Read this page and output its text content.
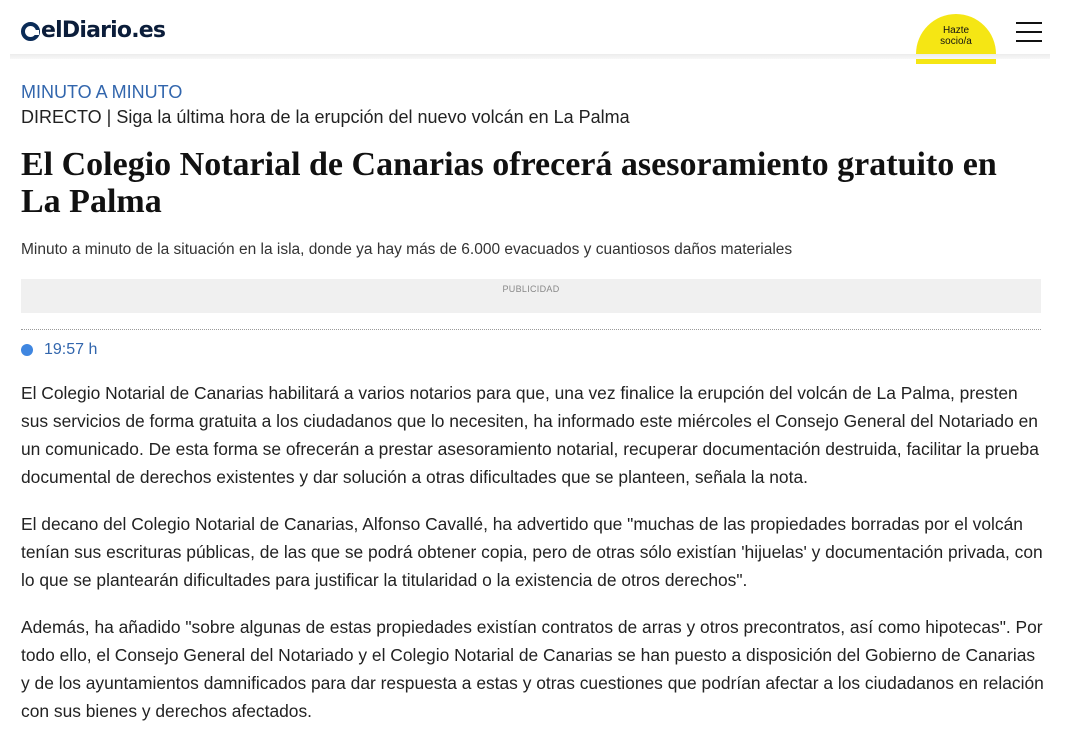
elDiario.es	Hazte
socio/a
MINUTO A MINUTO
DIRECTO | Siga la última hora de la erupción del nuevo volcán en La Palma
El Colegio Notarial de Canarias ofrecerá asesoramiento gratuito en La Palma

Minuto a minuto de la situación en la isla, donde ya hay más de 6.000 evacuados y cuantiosos daños materiales

PUBLICIDAD
19:57 h

El Colegio Notarial de Canarias habilitará a varios notarios para que, una vez finalice la erupción del volcán de La Palma, presten sus servicios de forma gratuita a los ciudadanos que lo necesiten, ha informado este miércoles el Consejo General del Notariado en un comunicado. De esta forma se ofrecerán a prestar asesoramiento notarial, recuperar documentación destruida, facilitar la prueba documental de derechos existentes y dar solución a otras dificultades que se planteen, señala la nota.

El decano del Colegio Notarial de Canarias, Alfonso Cavallé, ha advertido que "muchas de las propiedades borradas por el volcán tenían sus escrituras públicas, de las que se podrá obtener copia, pero de otras sólo existían 'hijuelas' y documentación privada, con lo que se plantearán dificultades para justificar la titularidad o la existencia de otros derechos".

Además, ha añadido "sobre algunas de estas propiedades existían contratos de arras y otros precontratos, así como hipotecas". Por todo ello, el Consejo General del Notariado y el Colegio Notarial de Canarias se han puesto a disposición del Gobierno de Canarias y de los ayuntamientos damnificados para dar respuesta a estas y otras cuestiones que podrían afectar a los ciudadanos en relación con sus bienes y derechos afectados.
